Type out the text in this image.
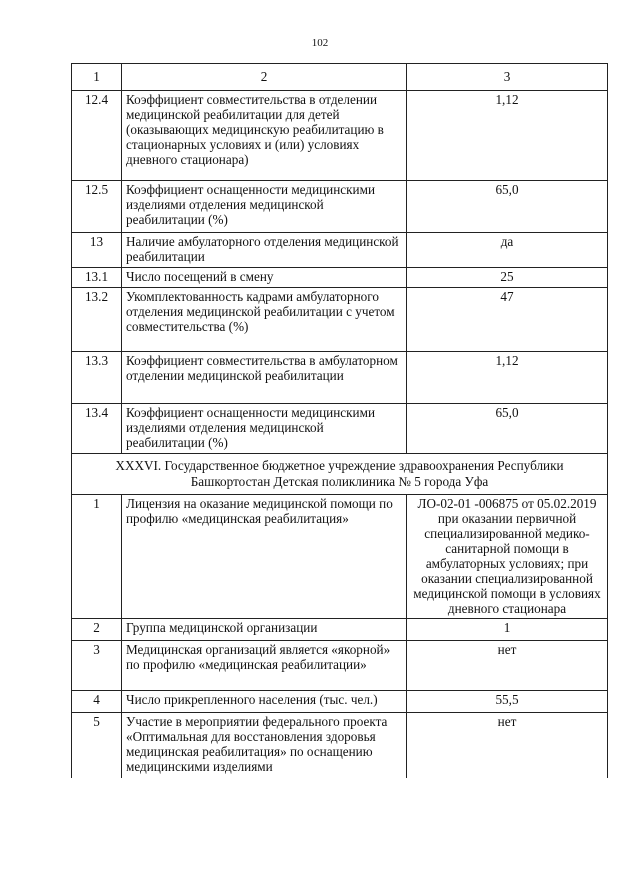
102
1	2	3
12.4	Коэффициент совместительства в отделении медицинской реабилитации для детей (оказывающих медицинскую реабилитацию в стационарных условиях и (или) условиях дневного стационара)	1,12
12.5	Коэффициент оснащенности медицинскими изделиями отделения медицинской реабилитации (%)	65,0
13	Наличие амбулаторного отделения медицинской реабилитации	да
13.1	Число посещений в смену	25
13.2	Укомплектованность кадрами амбулаторного отделения медицинской реабилитации с учетом совместительства (%)	47
13.3	Коэффициент совместительства в амбулаторном отделении медицинской реабилитации	1,12
13.4	Коэффициент оснащенности медицинскими изделиями отделения медицинской реабилитации (%)	65,0
XXXVI. Государственное бюджетное учреждение здравоохранения Республики Башкортостан Детская поликлиника № 5 города Уфа		
1	Лицензия на оказание медицинской помощи по профилю «медицинская реабилитация»	ЛО-02-01 -006875 от 05.02.2019 при оказании первичной специализированной медико-санитарной помощи в амбулаторных условиях; при оказании специализированной медицинской помощи в условиях дневного стационара
2	Группа медицинской организации	1
3	Медицинская организаций является «якорной» по профилю «медицинская реабилитации»	нет
4	Число прикрепленного населения (тыс. чел.)	55,5
5	Участие в мероприятии федерального проекта «Оптимальная для восстановления здоровья медицинская реабилитация» по оснащению медицинскими изделиями	нет
